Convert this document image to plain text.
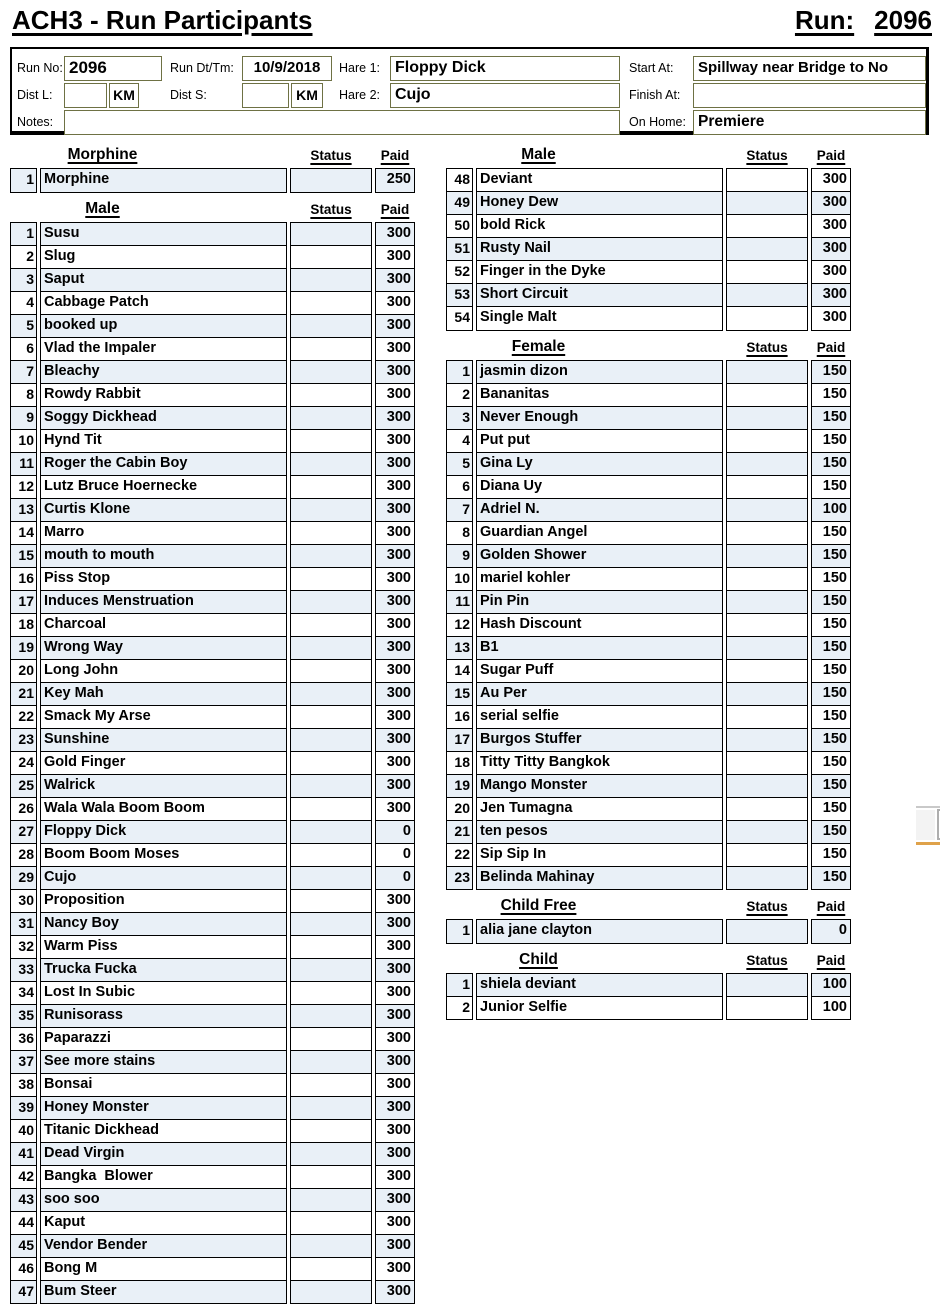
ACH3 - Run Participants	Run: 2096
Run No: 2096	Run Dt/Tm:	10/9/2018	Hare 1: Floppy Dick	Start At:	Spillway near Bridge to No
Dist L:	KM	Dist S:	KM	Hare 2: Cujo	Finish At:
Notes:	On Home: Premiere
Morphine	Status	Paid
1 Morphine	250
Male	Status	Paid
1 Susu	300
2 Slug	300
3 Saput	300
4 Cabbage Patch	300
5 booked up	300
6 Vlad the Impaler	300
7 Bleachy	300
8 Rowdy Rabbit	300
9 Soggy Dickhead	300
10 Hynd Tit	300
11 Roger the Cabin Boy	300
12 Lutz Bruce Hoernecke	300
13 Curtis Klone	300
14 Marro	300
15 mouth to mouth	300
16 Piss Stop	300
17 Induces Menstruation	300
18 Charcoal	300
19 Wrong Way	300
20 Long John	300
21 Key Mah	300
22 Smack My Arse	300
23 Sunshine	300
24 Gold Finger	300
25 Walrick	300
26 Wala Wala Boom Boom	300
27 Floppy Dick	0
28 Boom Boom Moses	0
29 Cujo	0
30 Proposition	300
31 Nancy Boy	300
32 Warm Piss	300
33 Trucka Fucka	300
34 Lost In Subic	300
35 Runisorass	300
36 Paparazzi	300
37 See more stains	300
38 Bonsai	300
39 Honey Monster	300
40 Titanic Dickhead	300
41 Dead Virgin	300
42 Bangka  Blower	300
43 soo soo	300
44 Kaput	300
45 Vendor Bender	300
46 Bong M	300
47 Bum Steer	300
Male	Status	Paid
48 Deviant	300
49 Honey Dew	300
50 bold Rick	300
51 Rusty Nail	300
52 Finger in the Dyke	300
53 Short Circuit	300
54 Single Malt	300
Female	Status	Paid
1 jasmin dizon	150
2 Bananitas	150
3 Never Enough	150
4 Put put	150
5 Gina Ly	150
6 Diana Uy	150
7 Adriel N.	100
8 Guardian Angel	150
9 Golden Shower	150
10 mariel kohler	150
11 Pin Pin	150
12 Hash Discount	150
13 B1	150
14 Sugar Puff	150
15 Au Per	150
16 serial selfie	150
17 Burgos Stuffer	150
18 Titty Titty Bangkok	150
19 Mango Monster	150
20 Jen Tumagna	150
21 ten pesos	150
22 Sip Sip In	150
23 Belinda Mahinay	150
Child Free	Status	Paid
1 alia jane clayton	0
Child	Status	Paid
1 shiela deviant	100
2 Junior Selfie	100
